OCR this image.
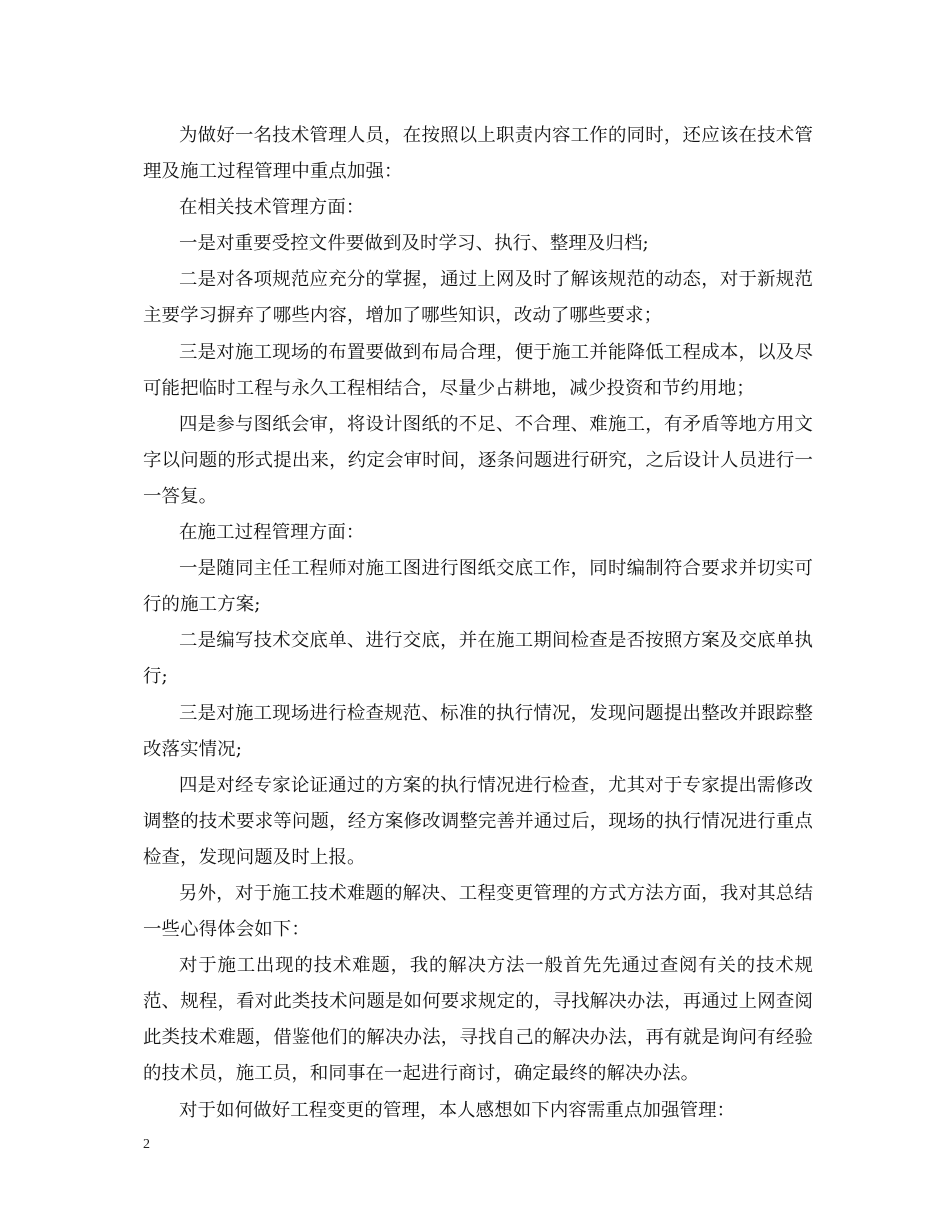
为做好一名技术管理人员，在按照以上职责内容工作的同时，还应该在技术管理及施工过程管理中重点加强：

在相关技术管理方面：

一是对重要受控文件要做到及时学习、执行、整理及归档;

二是对各项规范应充分的掌握，通过上网及时了解该规范的动态，对于新规范主要学习摒弃了哪些内容，增加了哪些知识，改动了哪些要求；

三是对施工现场的布置要做到布局合理，便于施工并能降低工程成本，以及尽可能把临时工程与永久工程相结合，尽量少占耕地，减少投资和节约用地；

四是参与图纸会审，将设计图纸的不足、不合理、难施工，有矛盾等地方用文字以问题的形式提出来，约定会审时间，逐条问题进行研究，之后设计人员进行一一答复。

在施工过程管理方面：

一是随同主任工程师对施工图进行图纸交底工作，同时编制符合要求并切实可行的施工方案;

二是编写技术交底单、进行交底，并在施工期间检查是否按照方案及交底单执行;

三是对施工现场进行检查规范、标准的执行情况，发现问题提出整改并跟踪整改落实情况;

四是对经专家论证通过的方案的执行情况进行检查，尤其对于专家提出需修改调整的技术要求等问题，经方案修改调整完善并通过后，现场的执行情况进行重点检查，发现问题及时上报。

另外，对于施工技术难题的解决、工程变更管理的方式方法方面，我对其总结一些心得体会如下：

对于施工出现的技术难题，我的解决方法一般首先先通过查阅有关的技术规范、规程，看对此类技术问题是如何要求规定的，寻找解决办法，再通过上网查阅此类技术难题，借鉴他们的解决办法，寻找自己的解决办法，再有就是询问有经验的技术员，施工员，和同事在一起进行商讨，确定最终的解决办法。

对于如何做好工程变更的管理，本人感想如下内容需重点加强管理：

2
